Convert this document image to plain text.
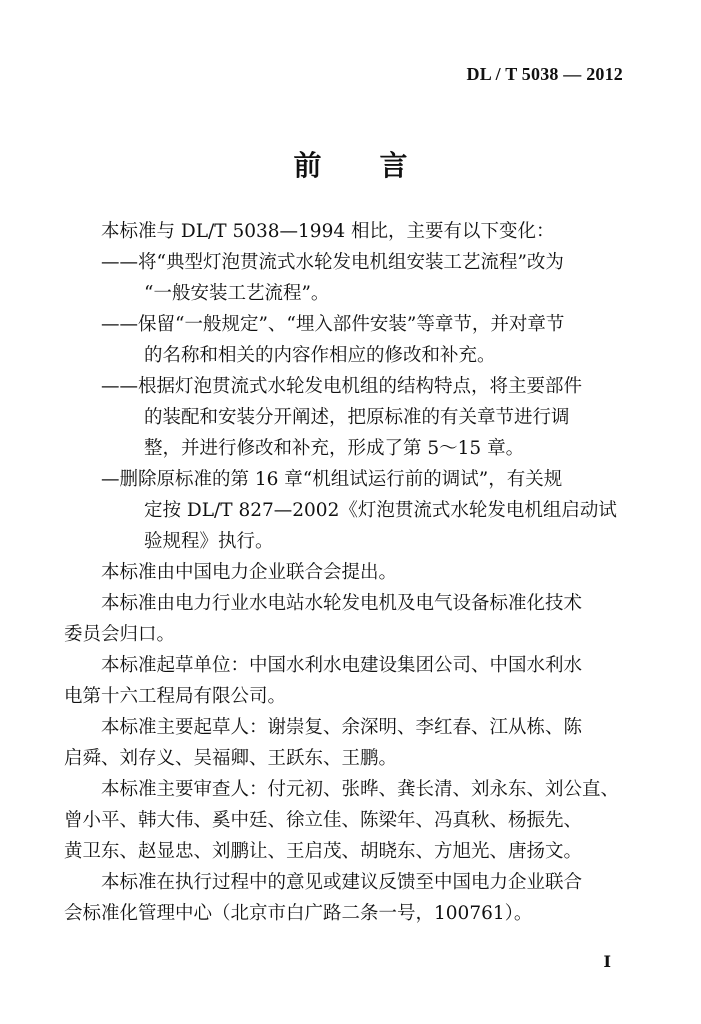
DL / T 5038 — 2012
前言
本标准与 DL/T 5038—1994 相比，主要有以下变化：
——将“典型灯泡贯流式水轮发电机组安装工艺流程”改为
“一般安装工艺流程”。
——保留“一般规定”、“埋入部件安装”等章节，并对章节
的名称和相关的内容作相应的修改和补充。
——根据灯泡贯流式水轮发电机组的结构特点，将主要部件
的装配和安装分开阐述，把原标准的有关章节进行调
整，并进行修改和补充，形成了第 5～15 章。
—删除原标准的第 16 章“机组试运行前的调试”，有关规
定按 DL/T 827—2002《灯泡贯流式水轮发电机组启动试
验规程》执行。
本标准由中国电力企业联合会提出。
本标准由电力行业水电站水轮发电机及电气设备标准化技术
委员会归口。
本标准起草单位：中国水利水电建设集团公司、中国水利水
电第十六工程局有限公司。
本标准主要起草人：谢崇复、余深明、李红春、江从栋、陈
启舜、刘存义、吴福卿、王跃东、王鹏。
本标准主要审查人：付元初、张晔、龚长清、刘永东、刘公直、
曾小平、韩大伟、奚中廷、徐立佳、陈梁年、冯真秋、杨振先、
黄卫东、赵显忠、刘鹏让、王启茂、胡晓东、方旭光、唐扬文。
本标准在执行过程中的意见或建议反馈至中国电力企业联合
会标准化管理中心（北京市白广路二条一号，100761）。
I
